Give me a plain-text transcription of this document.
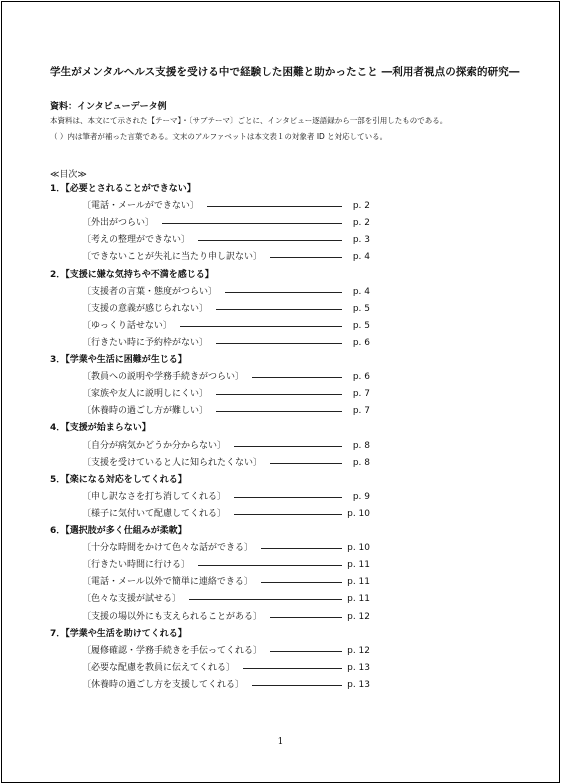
学生がメンタルヘルス支援を受ける中で経験した困難と助かったこと ―利用者視点の探索的研究―
資料：インタビューデータ例
本資料は、本文にて示された【テーマ】・〔サブテーマ〕ごとに、インタビュー逐語録から一部を引用したものである。
（ ）内は筆者が補った言葉である。文末のアルファベットは本文表１の対象者 ID と対応している。
≪目次≫
1．【必要とされることができない】
〔電話・メールができない〕	p. 2
〔外出がつらい〕	p. 2
〔考えの整理ができない〕	p. 3
〔できないことが失礼に当たり申し訳ない〕	p. 4
2．【支援に嫌な気持ちや不満を感じる】
〔支援者の言葉・態度がつらい〕	p. 4
〔支援の意義が感じられない〕	p. 5
〔ゆっくり話せない〕	p. 5
〔行きたい時に予約枠がない〕	p. 6
3．【学業や生活に困難が生じる】
〔教員への説明や学務手続きがつらい〕	p. 6
〔家族や友人に説明しにくい〕	p. 7
〔休養時の過ごし方が難しい〕	p. 7
4．【支援が始まらない】
〔自分が病気かどうか分からない〕	p. 8
〔支援を受けていると人に知られたくない〕	p. 8
5．【楽になる対応をしてくれる】
〔申し訳なさを打ち消してくれる〕	p. 9
〔様子に気付いて配慮してくれる〕	p. 10
6．【選択肢が多く仕組みが柔軟】
〔十分な時間をかけて色々な話ができる〕	p. 10
〔行きたい時間に行ける〕	p. 11
〔電話・メール以外で簡単に連絡できる〕	p. 11
〔色々な支援が試せる〕	p. 11
〔支援の場以外にも支えられることがある〕	p. 12
7．【学業や生活を助けてくれる】
〔履修確認・学務手続きを手伝ってくれる〕	p. 12
〔必要な配慮を教員に伝えてくれる〕	p. 13
〔休養時の過ごし方を支援してくれる〕	p. 13
1
